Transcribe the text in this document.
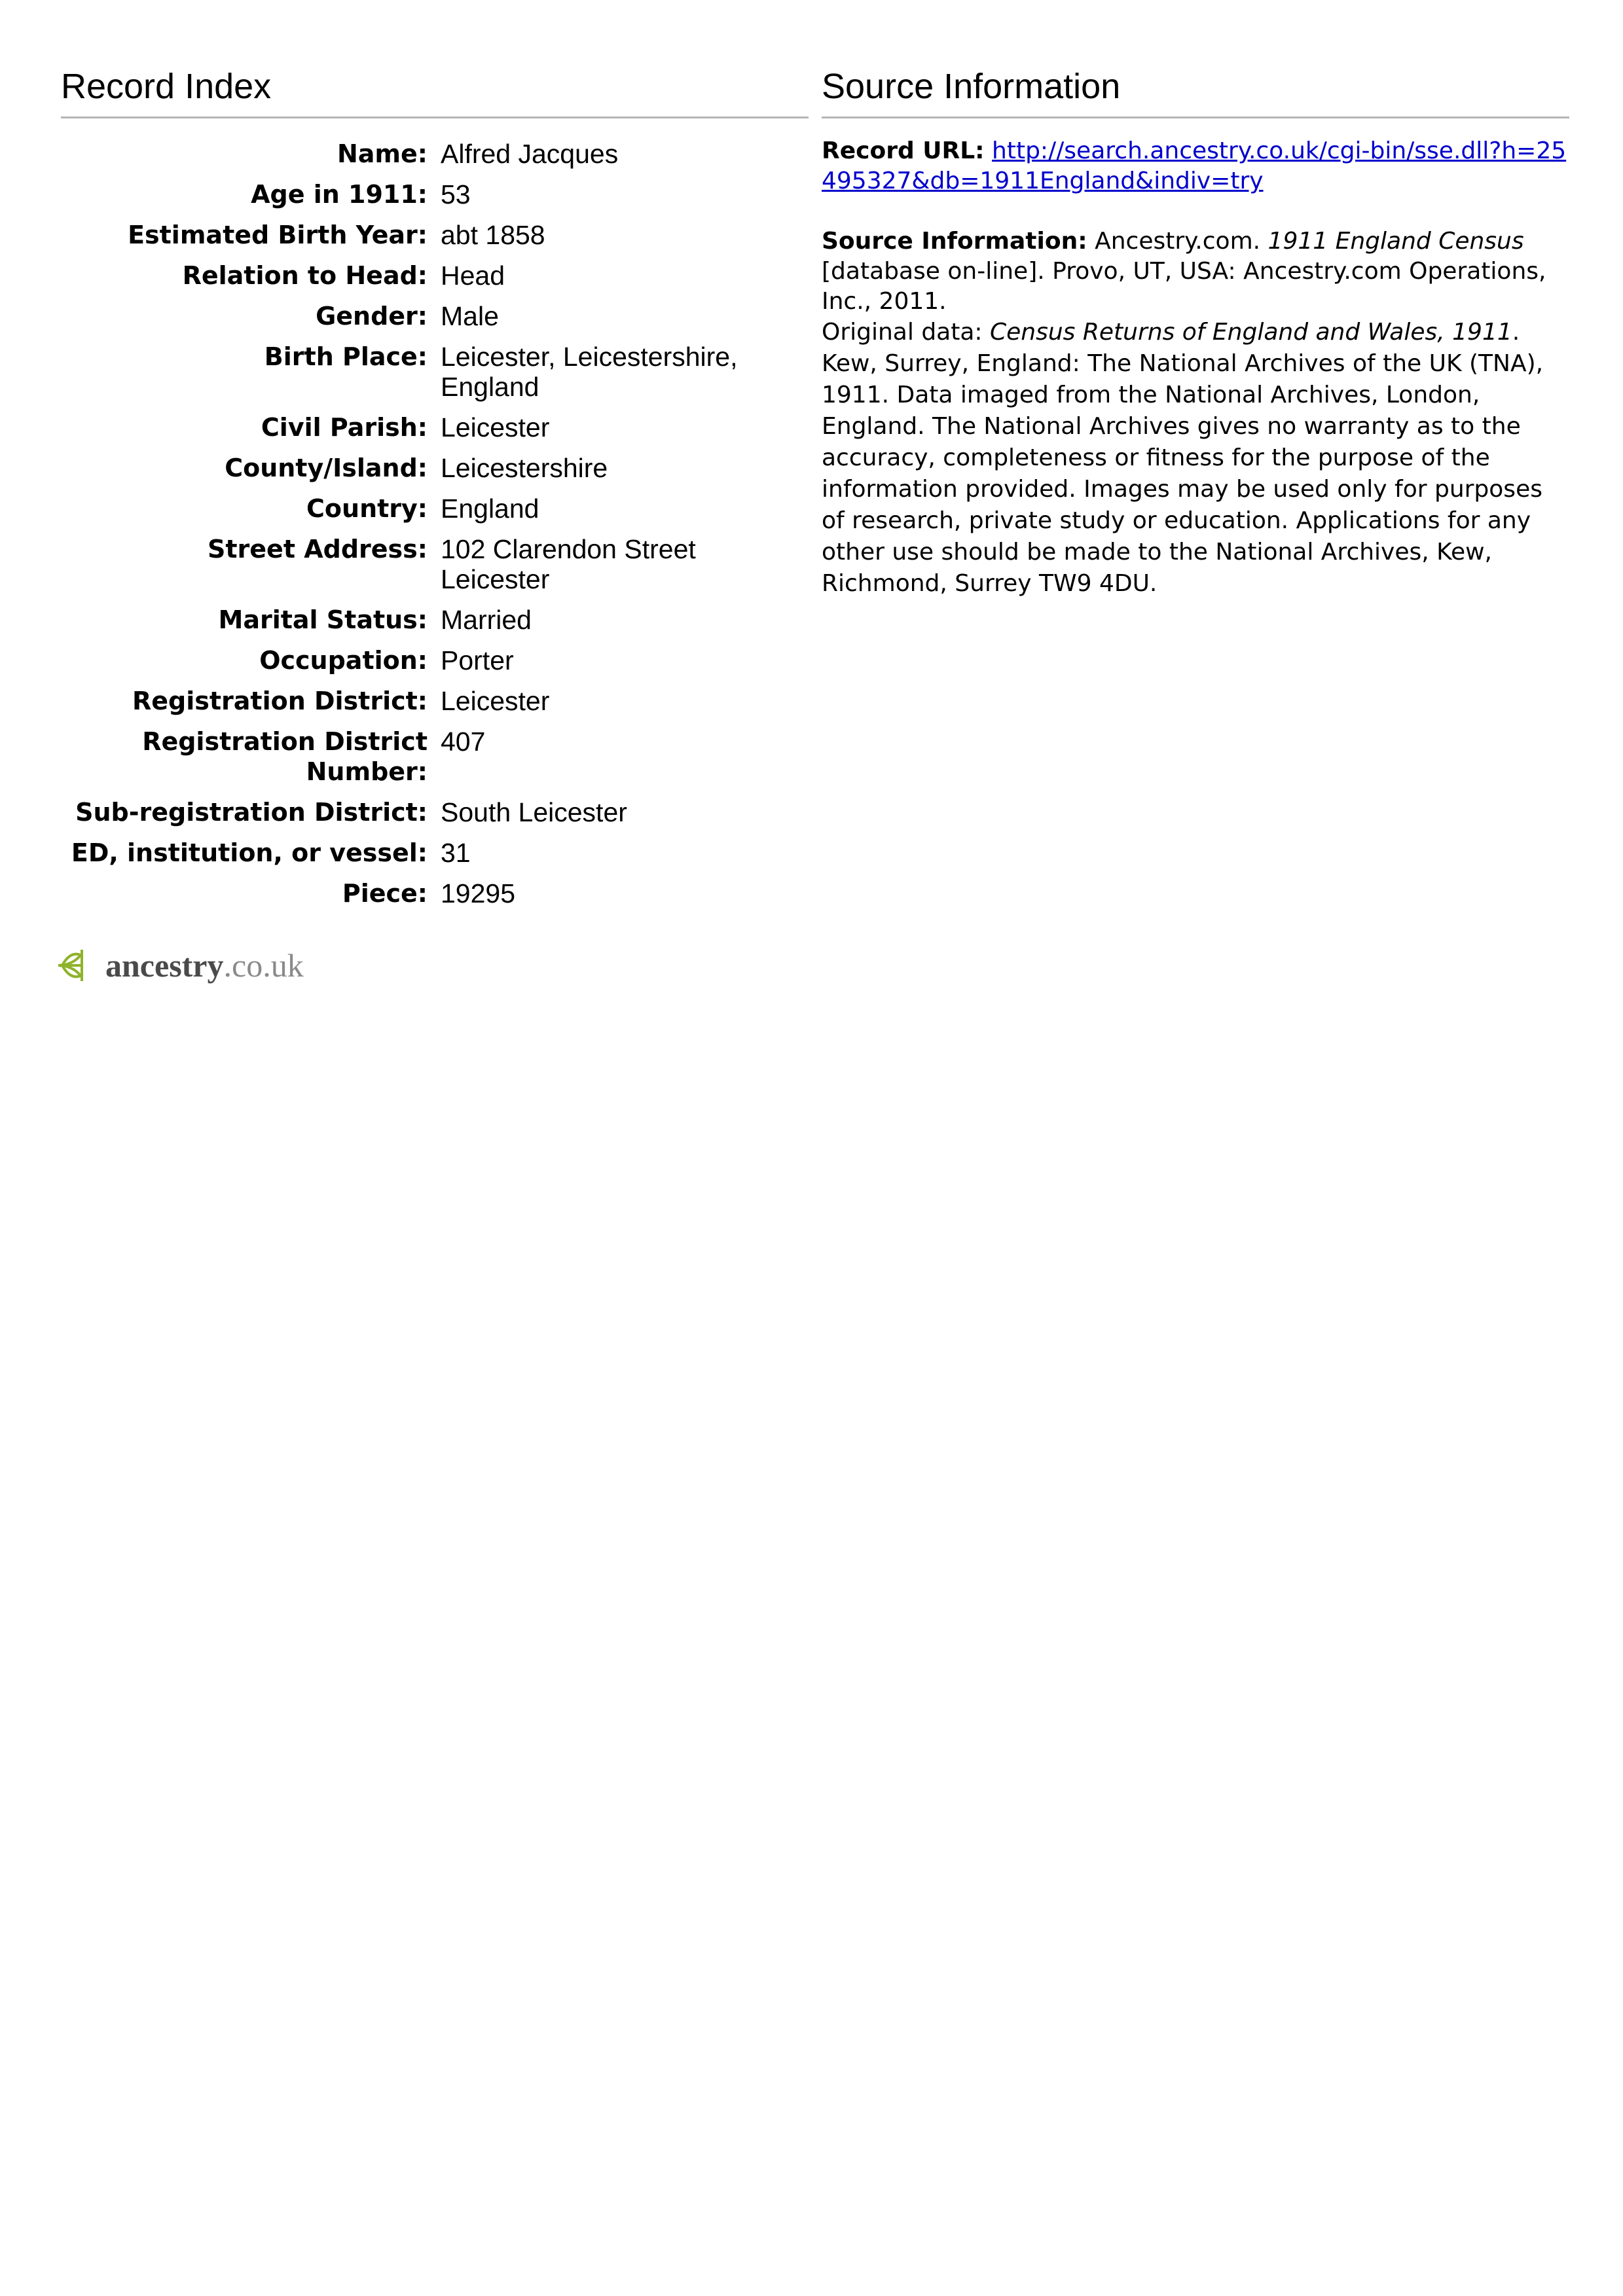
Record Index	Source Information
Name: Alfred Jacques
Age in 1911: 53
Estimated Birth Year: abt 1858
Relation to Head: Head
Gender: Male
Birth Place: Leicester, Leicestershire, England
Civil Parish: Leicester
County/Island: Leicestershire
Country: England
Street Address: 102 Clarendon Street Leicester
Marital Status: Married
Occupation: Porter
Registration District: Leicester
Registration District Number:
407
Sub-registration District: South Leicester
ED, institution, or vessel: 31
Piece: 19295
Record URL: http://search.ancestry.co.uk/cgi-bin/sse.dll?h=25495327&db=1911England&indiv=try
Source Information: Ancestry.com. 1911 England Census [database on-line]. Provo, UT, USA: Ancestry.com Operations, Inc., 2011.
Original data: Census Returns of England and Wales, 1911. Kew, Surrey, England: The National Archives of the UK (TNA), 1911. Data imaged from the National Archives, London, England. The National Archives gives no warranty as to the accuracy, completeness or fitness for the purpose of the information provided. Images may be used only for purposes of research, private study or education. Applications for any other use should be made to the National Archives, Kew, Richmond, Surrey TW9 4DU.
ancestry.co.uk
